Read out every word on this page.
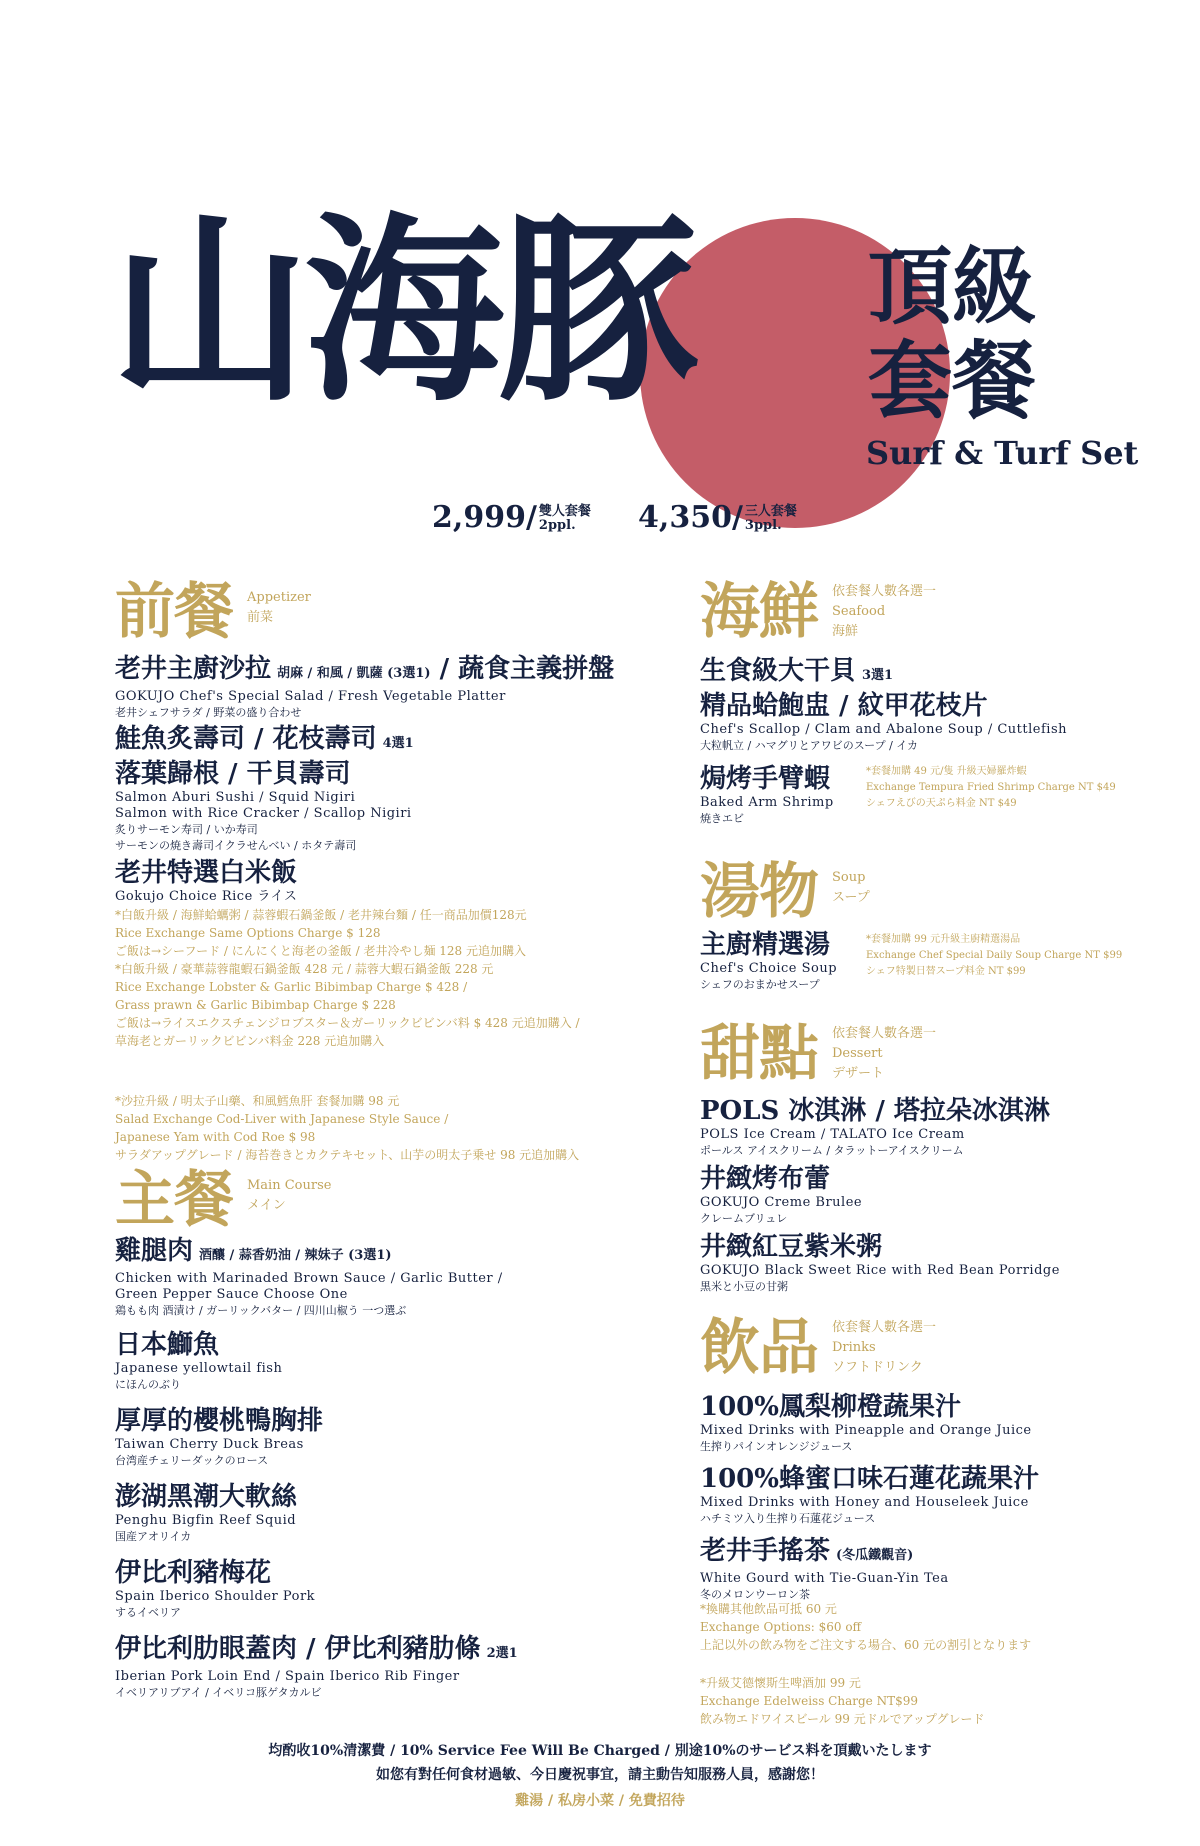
山海豚 頂級
套餐
Surf & Turf Set
2,999/ 雙人套餐
2ppl.	4,350/ 三人套餐
3ppl.
前餐 Appetizer
前菜
老井主廚沙拉 胡麻 / 和風 / 凱薩 (3選1) / 蔬食主義拼盤
GOKUJO Chef's Special Salad / Fresh Vegetable Platter
老井シェフサラダ / 野菜の盛り合わせ
鮭魚炙壽司 / 花枝壽司 4選1
落葉歸根 / 干貝壽司
Salmon Aburi Sushi / Squid Nigiri
Salmon with Rice Cracker / Scallop Nigiri
炙りサーモン寿司 / いか寿司
サーモンの焼き壽司イクラせんべい / ホタテ壽司
老井特選白米飯
Gokujo Choice Rice ライス
*白飯升級 / 海鮮蛤蠣粥 / 蒜蓉蝦石鍋釜飯 / 老井辣台麵 / 任一商品加價128元
Rice Exchange Same Options Charge $ 128
ご飯は→シーフード / にんにくと海老の釜飯 / 老井冷やし麺 128 元追加購入
*白飯升級 / 豪華蒜蓉龍蝦石鍋釜飯 428 元 / 蒜蓉大蝦石鍋釜飯 228 元
Rice Exchange Lobster & Garlic Bibimbap Charge $ 428 /
Grass prawn & Garlic Bibimbap Charge $ 228
ご飯は→ライスエクスチェンジロブスター＆ガーリックビビンバ料 $ 428 元追加購入 /
草海老とガーリックビビンバ料金 228 元追加購入
*沙拉升級 / 明太子山藥、和風鱈魚肝 套餐加購 98 元
Salad Exchange Cod-Liver with Japanese Style Sauce /
Japanese Yam with Cod Roe $ 98
サラダアップグレード / 海苔巻きとカクテキセット、山芋の明太子乗せ 98 元追加購入
主餐 Main Course
メイン
雞腿肉 酒釀 / 蒜香奶油 / 辣妹子 (3選1)
Chicken with Marinaded Brown Sauce / Garlic Butter /
Green Pepper Sauce Choose One
鶏もも肉 酒漬け / ガーリックバター / 四川山椒う 一つ選ぶ
日本鰤魚
Japanese yellowtail fish
にほんのぶり
厚厚的櫻桃鴨胸排
Taiwan Cherry Duck Breas
台湾産チェリーダックのロース
澎湖黑潮大軟絲
Penghu Bigfin Reef Squid
国産アオリイカ
伊比利豬梅花
Spain Iberico Shoulder Pork
するイベリア
伊比利肋眼蓋肉 / 伊比利豬肋條 2選1
Iberian Pork Loin End / Spain Iberico Rib Finger
イベリアリブアイ / イベリコ豚ゲタカルビ
海鮮 依套餐人數各選一
Seafood
海鮮
生食級大干貝 3選1
精品蛤鮑盅 / 紋甲花枝片
Chef's Scallop / Clam and Abalone Soup / Cuttlefish
大粒帆立 / ハマグリとアワビのスープ / イカ
焗烤手臂蝦
Baked Arm Shrimp
焼きエビ
*套餐加購 49 元/隻 升級天婦羅炸蝦
Exchange Tempura Fried Shrimp Charge NT $49
シェフえびの天ぷら料金 NT $49
湯物 Soup
スープ
主廚精選湯
Chef's Choice Soup
シェフのおまかせスープ
*套餐加購 99 元升級主廚精選湯品
Exchange Chef Special Daily Soup Charge NT $99
シェフ特製日替スープ料金 NT $99
甜點 依套餐人數各選一
Dessert
デザート
POLS 冰淇淋 / 塔拉朵冰淇淋
POLS Ice Cream / TALATO Ice Cream
ポールス アイスクリーム / タラットーアイスクリーム
井緻烤布蕾
GOKUJO Creme Brulee
クレームブリュレ
井緻紅豆紫米粥
GOKUJO Black Sweet Rice with Red Bean Porridge
黒米と小豆の甘粥
飲品 依套餐人數各選一
Drinks
ソフトドリンク
100%鳳梨柳橙蔬果汁
Mixed Drinks with Pineapple and Orange Juice
生搾りパインオレンジジュース
100%蜂蜜口味石蓮花蔬果汁
Mixed Drinks with Honey and Houseleek Juice
ハチミツ入り生搾り石蓮花ジュース
老井手搖茶 (冬瓜鐵觀音)
White Gourd with Tie-Guan-Yin Tea
冬のメロンウーロン茶
*換購其他飲品可抵 60 元
Exchange Options: $60 off
上記以外の飲み物をご注文する場合、60 元の割引となります
*升級艾德懷斯生啤酒加 99 元
Exchange Edelweiss Charge NT$99
飲み物エドワイスビール 99 元ドルでアップグレード
均酌收10%清潔費 / 10% Service Fee Will Be Charged / 別途10%のサービス料を頂戴いたします
如您有對任何食材過敏、今日慶祝事宜，請主動告知服務人員，感謝您！
雞湯 / 私房小菜 / 免費招待
